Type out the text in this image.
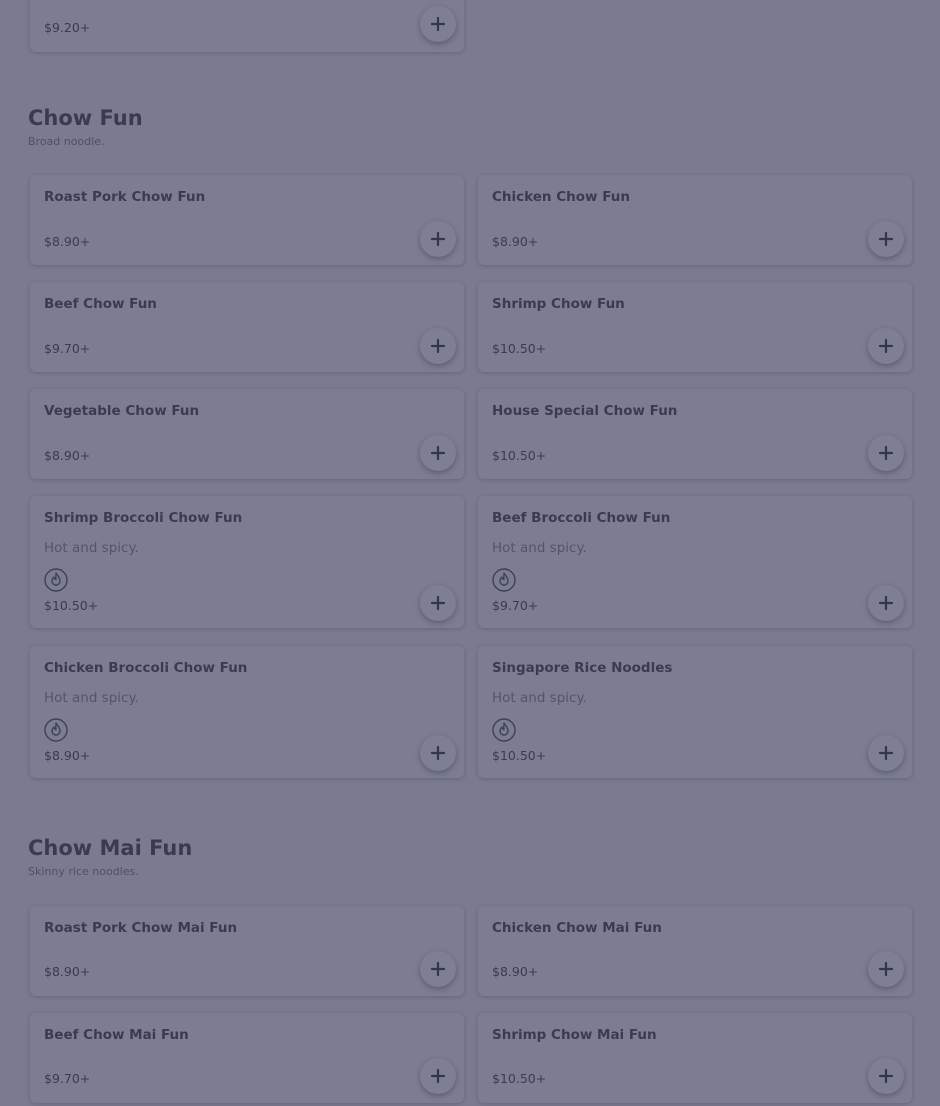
$9.20+
Chow Fun
Broad noodle.
Roast Pork Chow Fun
$8.90+
Chicken Chow Fun
$8.90+
Beef Chow Fun
$9.70+
Shrimp Chow Fun
$10.50+
Vegetable Chow Fun
$8.90+
House Special Chow Fun
$10.50+
Shrimp Broccoli Chow Fun
Hot and spicy.
$10.50+
Beef Broccoli Chow Fun
Hot and spicy.
$9.70+
Chicken Broccoli Chow Fun
Hot and spicy.
$8.90+
Singapore Rice Noodles
Hot and spicy.
$10.50+
Chow Mai Fun
Skinny rice noodles.
Roast Pork Chow Mai Fun
$8.90+
Chicken Chow Mai Fun
$8.90+
Beef Chow Mai Fun
$9.70+
Shrimp Chow Mai Fun
$10.50+
